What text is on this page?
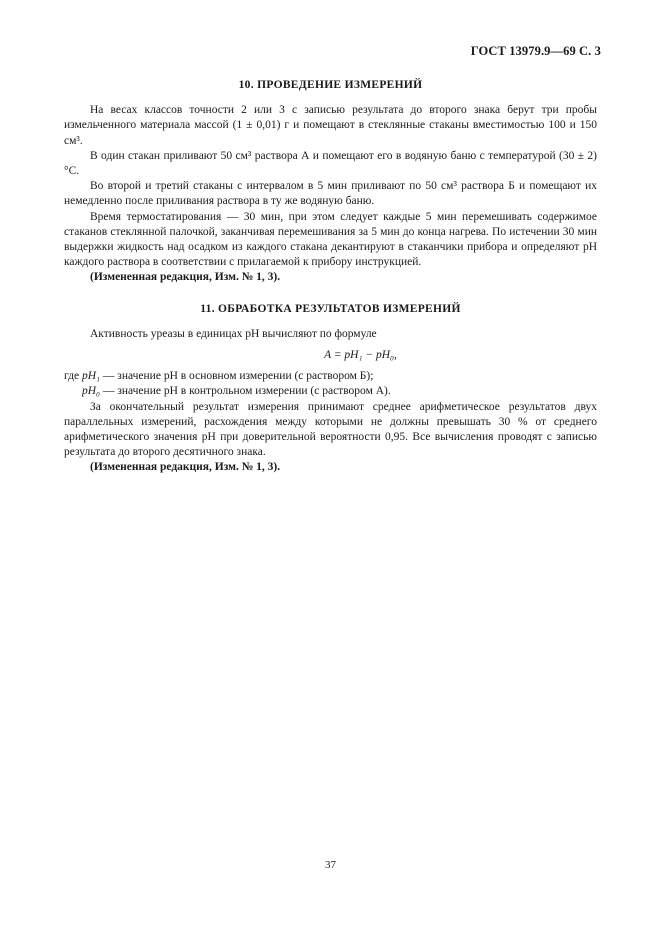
ГОСТ 13979.9—69 С. 3
10. ПРОВЕДЕНИЕ ИЗМЕРЕНИЙ

На весах классов точности 2 или 3 с записью результата до второго знака берут три пробы измельченного материала массой (1 ± 0,01) г и помещают в стеклянные стаканы вместимостью 100 и 150 см³.

В один стакан приливают 50 см³ раствора А и помещают его в водяную баню с температурой (30 ± 2) °С.

Во второй и третий стаканы с интервалом в 5 мин приливают по 50 см³ раствора Б и помещают их немедленно после приливания раствора в ту же водяную баню.

Время термостатирования — 30 мин, при этом следует каждые 5 мин перемешивать содержимое стаканов стеклянной палочкой, заканчивая перемешивания за 5 мин до конца нагрева. По истечении 30 мин выдержки жидкость над осадком из каждого стакана декантируют в стаканчики прибора и определяют pH каждого раствора в соответствии с прилагаемой к прибору инструкцией.

(Измененная редакция, Изм. № 1, 3).

11. ОБРАБОТКА РЕЗУЛЬТАТОВ ИЗМЕРЕНИЙ

Активность уреазы в единицах pH вычисляют по формуле

A = pH₁ − pH₀,

где pH₁ — значение pH в основном измерении (с раствором Б);

pH₀ — значение pH в контрольном измерении (с раствором А).

За окончательный результат измерения принимают среднее арифметическое результатов двух параллельных измерений, расхождения между которыми не должны превышать 30 % от среднего арифметического значения pH при доверительной вероятности 0,95. Все вычисления проводят с записью результата до второго десятичного знака.

(Измененная редакция, Изм. № 1, 3).

37
